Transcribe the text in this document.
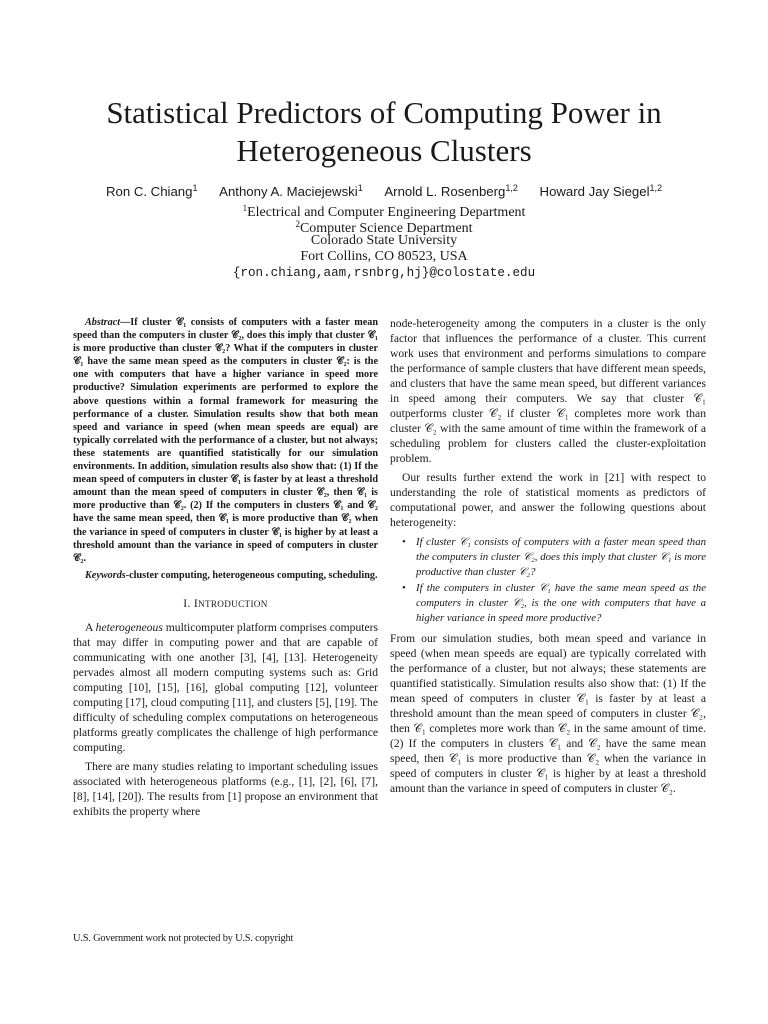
Statistical Predictors of Computing Power in
Heterogeneous Clusters
Ron C. Chiang$^1$ Anthony A. Maciejewski$^1$ Arnold L. Rosenberg$^{1,2}$ Howard Jay Siegel$^{1,2}$
$^1$Electrical and Computer Engineering Department
$^2$Computer Science Department
Colorado State University
Fort Collins, CO 80523, USA
{ron.chiang,aam,rsnbrg,hj}@colostate.edu

Abstract—If cluster 𝒞₁ consists of computers with a faster mean speed than the computers in cluster 𝒞₂, does this imply that cluster 𝒞₁ is more productive than cluster 𝒞₂? What if the computers in cluster 𝒞₁ have the same mean speed as the computers in cluster 𝒞₂: is the one with computers that have a higher variance in speed more productive? Simulation experiments are performed to explore the above questions within a formal framework for measuring the performance of a cluster. Simulation results show that both mean speed and variance in speed (when mean speeds are equal) are typically correlated with the performance of a cluster, but not always; these statements are quantified statistically for our simulation environments. In addition, simulation results also show that: (1) If the mean speed of computers in cluster 𝒞₁ is faster by at least a threshold amount than the mean speed of computers in cluster 𝒞₂, then 𝒞₁ is more productive than 𝒞₂. (2) If the computers in clusters 𝒞₁ and 𝒞₂ have the same mean speed, then 𝒞₁ is more productive than 𝒞₂ when the variance in speed of computers in cluster 𝒞₁ is higher by at least a threshold amount than the variance in speed of computers in cluster 𝒞₂.

Keywords-cluster computing, heterogeneous computing, scheduling.

I. INTRODUCTION

A heterogeneous multicomputer platform comprises computers that may differ in computing power and that are capable of communicating with one another [3], [4], [13]. Heterogeneity pervades almost all modern computing systems such as: Grid computing [10], [15], [16], global computing [12], volunteer computing [17], cloud computing [11], and clusters [5], [19]. The difficulty of scheduling complex computations on heterogeneous platforms greatly complicates the challenge of high performance computing.

There are many studies relating to important scheduling issues associated with heterogeneous platforms (e.g., [1], [2], [6], [7], [8], [14], [20]). The results from [1] propose an environment that exhibits the property where

node-heterogeneity among the computers in a cluster is the only factor that influences the performance of a cluster. This current work uses that environment and performs simulations to compare the performance of sample clusters that have different mean speeds, and clusters that have the same mean speed, but different variances in speed among their computers. We say that cluster 𝒞₁ outperforms cluster 𝒞₂ if cluster 𝒞₁ completes more work than cluster 𝒞₂ with the same amount of time within the framework of a scheduling problem for clusters called the cluster-exploitation problem.

Our results further extend the work in [21] with respect to understanding the role of statistical moments as predictors of computational power, and answer the following questions about heterogeneity:

• If cluster 𝒞₁ consists of computers with a faster mean speed than the computers in cluster 𝒞₂, does this imply that cluster 𝒞₁ is more productive than cluster 𝒞₂?
• If the computers in cluster 𝒞₁ have the same mean speed as the computers in cluster 𝒞₂, is the one with computers that have a higher variance in speed more productive?

From our simulation studies, both mean speed and variance in speed (when mean speeds are equal) are typically correlated with the performance of a cluster, but not always; these statements are quantified statistically. Simulation results also show that: (1) If the mean speed of computers in cluster 𝒞₁ is faster by at least a threshold amount than the mean speed of computers in cluster 𝒞₂, then 𝒞₁ completes more work than 𝒞₂ in the same amount of time. (2) If the computers in clusters 𝒞₁ and 𝒞₂ have the same mean speed, then 𝒞₁ is more productive than 𝒞₂ when the variance in speed of computers in cluster 𝒞₁ is higher by at least a threshold amount than the variance in speed of computers in cluster 𝒞₂.

U.S. Government work not protected by U.S. copyright
